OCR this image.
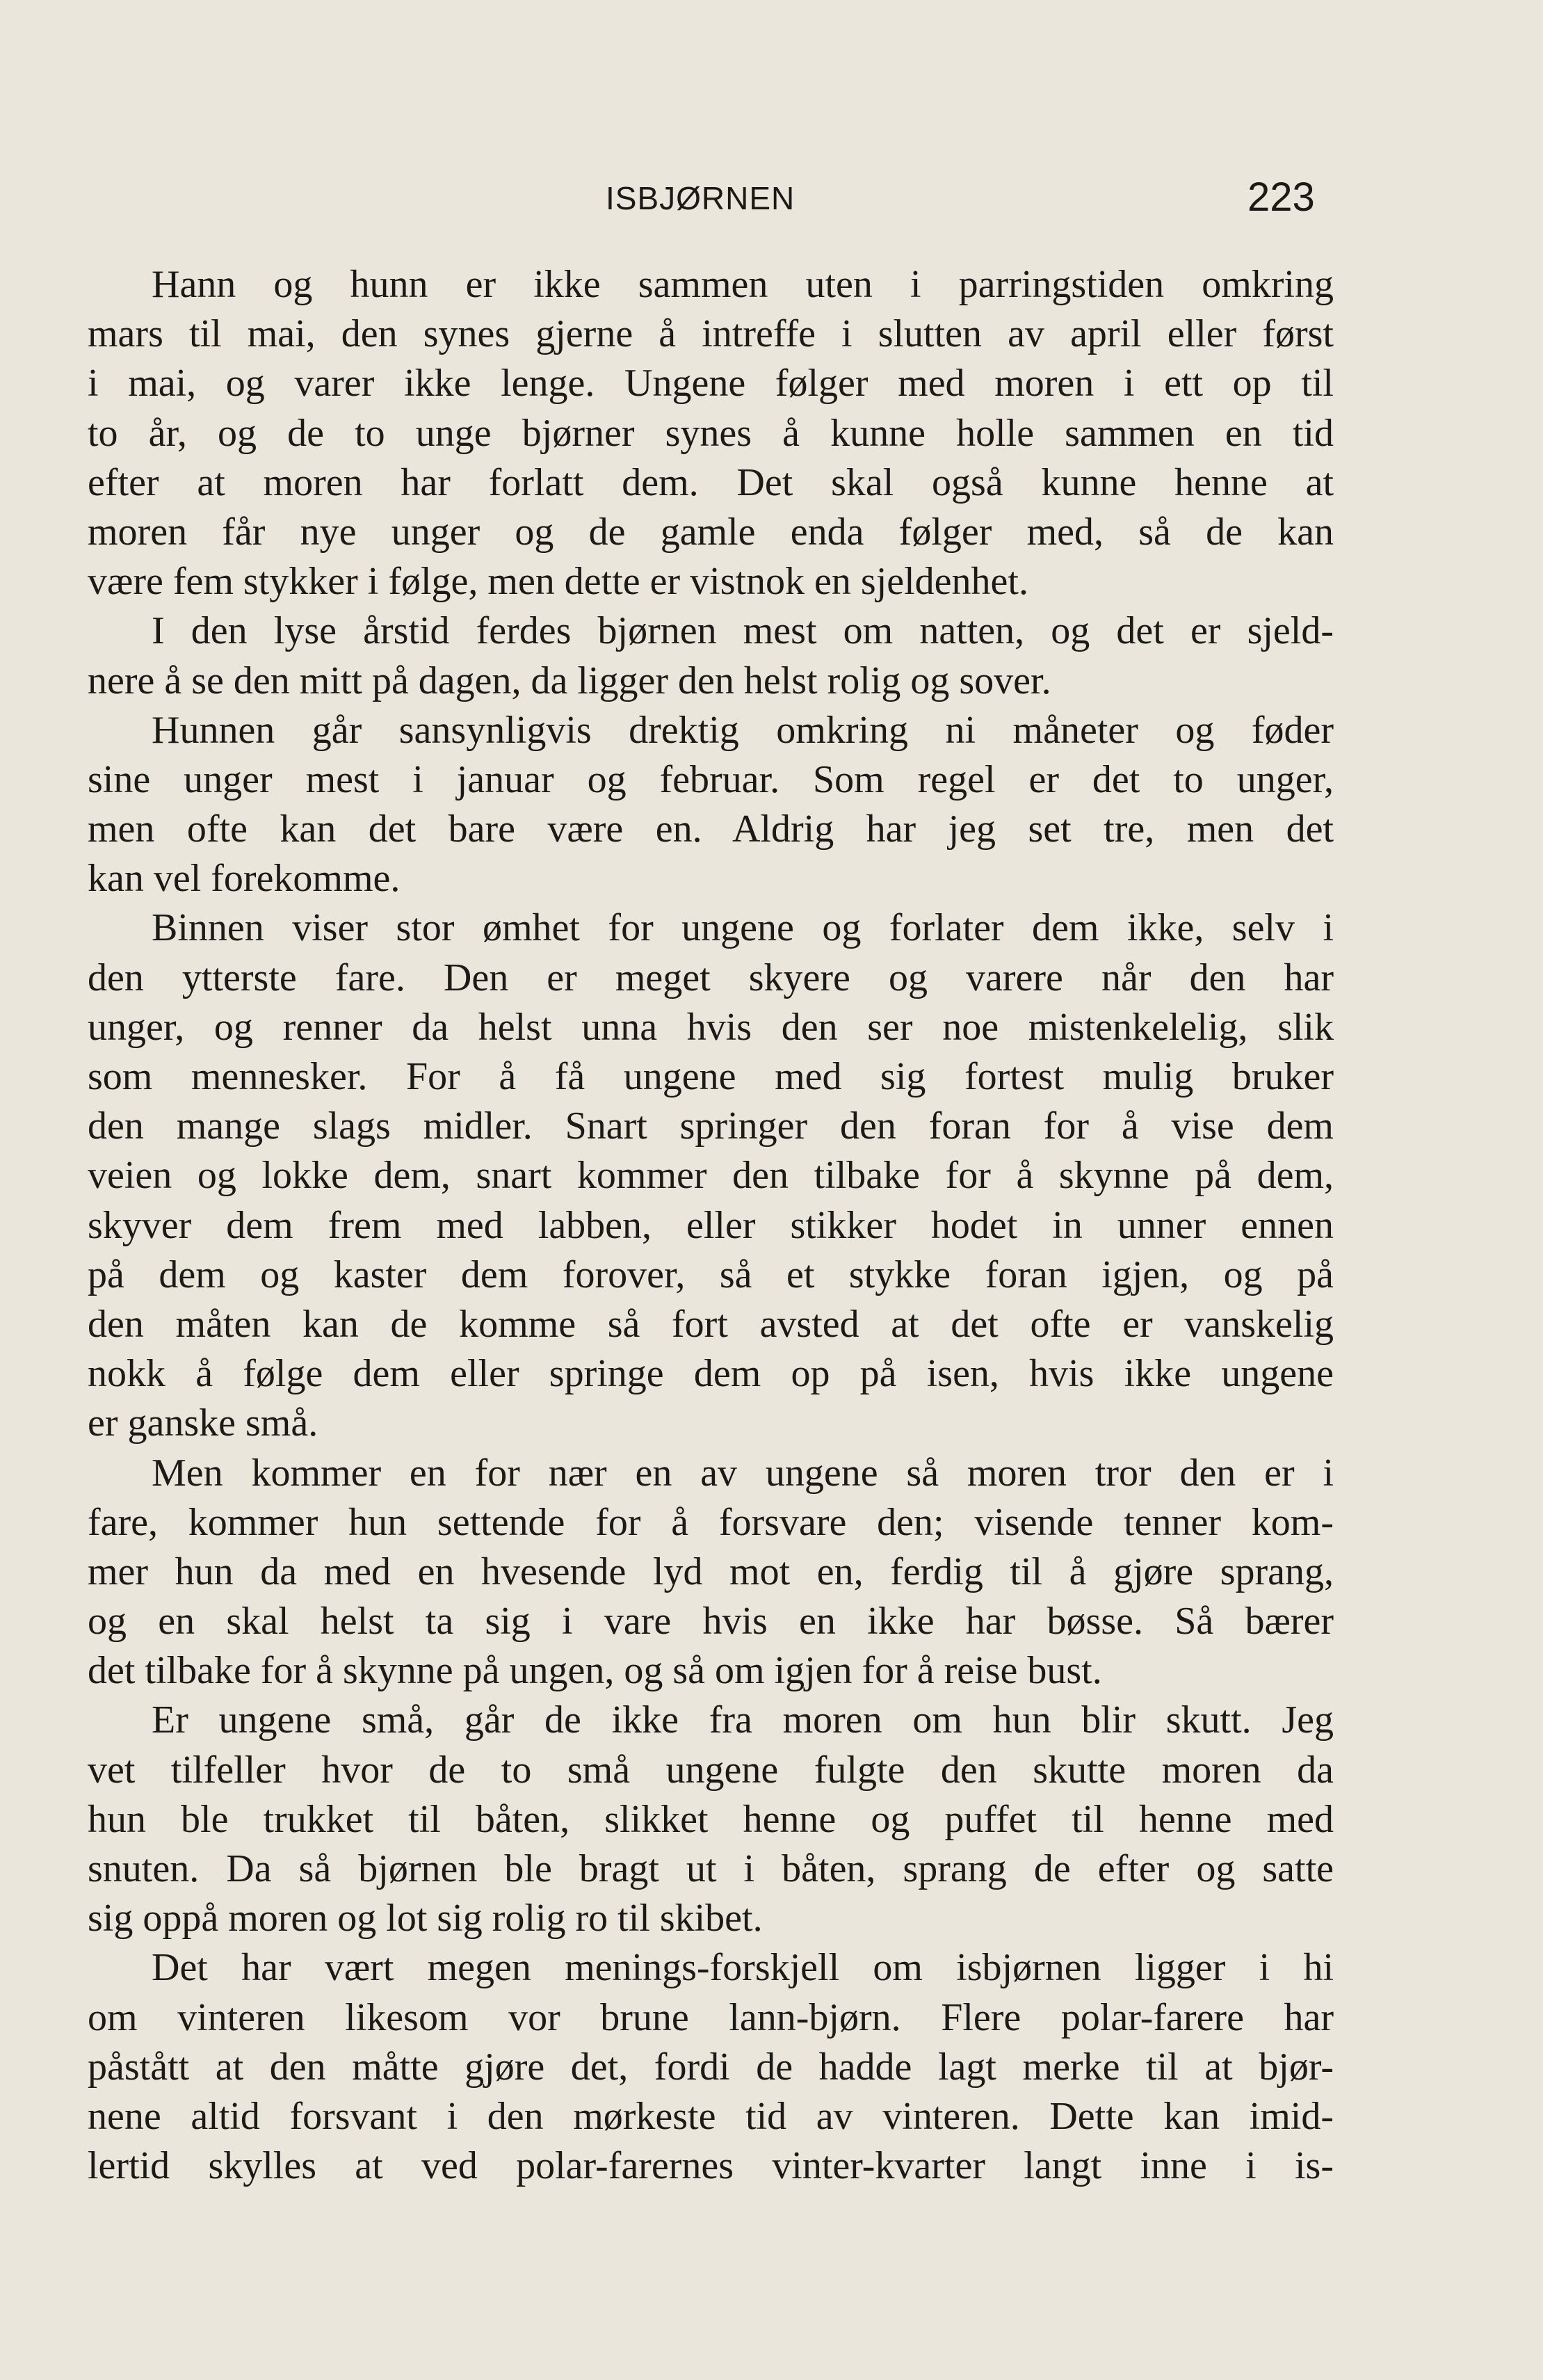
ISBJØRNEN	223
Hann og hunn er ikke sammen uten i parringstiden omkring
mars til mai, den synes gjerne å intreffe i slutten av april eller først
i mai, og varer ikke lenge. Ungene følger med moren i ett op til
to år, og de to unge bjørner synes å kunne holle sammen en tid
efter at moren har forlatt dem. Det skal også kunne henne at
moren får nye unger og de gamle enda følger med, så de kan
være fem stykker i følge, men dette er vistnok en sjeldenhet.
I den lyse årstid ferdes bjørnen mest om natten, og det er sjeld-
nere å se den mitt på dagen, da ligger den helst rolig og sover.
Hunnen går sansynligvis drektig omkring ni måneter og føder
sine unger mest i januar og februar. Som regel er det to unger,
men ofte kan det bare være en. Aldrig har jeg set tre, men det
kan vel forekomme.
Binnen viser stor ømhet for ungene og forlater dem ikke, selv i
den ytterste fare. Den er meget skyere og varere når den har
unger, og renner da helst unna hvis den ser noe mistenkelelig, slik
som mennesker. For å få ungene med sig fortest mulig bruker
den mange slags midler. Snart springer den foran for å vise dem
veien og lokke dem, snart kommer den tilbake for å skynne på dem,
skyver dem frem med labben, eller stikker hodet in unner ennen
på dem og kaster dem forover, så et stykke foran igjen, og på
den måten kan de komme så fort avsted at det ofte er vanskelig
nokk å følge dem eller springe dem op på isen, hvis ikke ungene
er ganske små.
Men kommer en for nær en av ungene så moren tror den er i
fare, kommer hun settende for å forsvare den; visende tenner kom-
mer hun da med en hvesende lyd mot en, ferdig til å gjøre sprang,
og en skal helst ta sig i vare hvis en ikke har bøsse. Så bærer
det tilbake for å skynne på ungen, og så om igjen for å reise bust.
Er ungene små, går de ikke fra moren om hun blir skutt. Jeg
vet tilfeller hvor de to små ungene fulgte den skutte moren da
hun ble trukket til båten, slikket henne og puffet til henne med
snuten. Da så bjørnen ble bragt ut i båten, sprang de efter og satte
sig oppå moren og lot sig rolig ro til skibet.
Det har vært megen menings-forskjell om isbjørnen ligger i hi
om vinteren likesom vor brune lann-bjørn. Flere polar-farere har
påstått at den måtte gjøre det, fordi de hadde lagt merke til at bjør-
nene altid forsvant i den mørkeste tid av vinteren. Dette kan imid-
lertid skylles at ved polar-farernes vinter-kvarter langt inne i is-
